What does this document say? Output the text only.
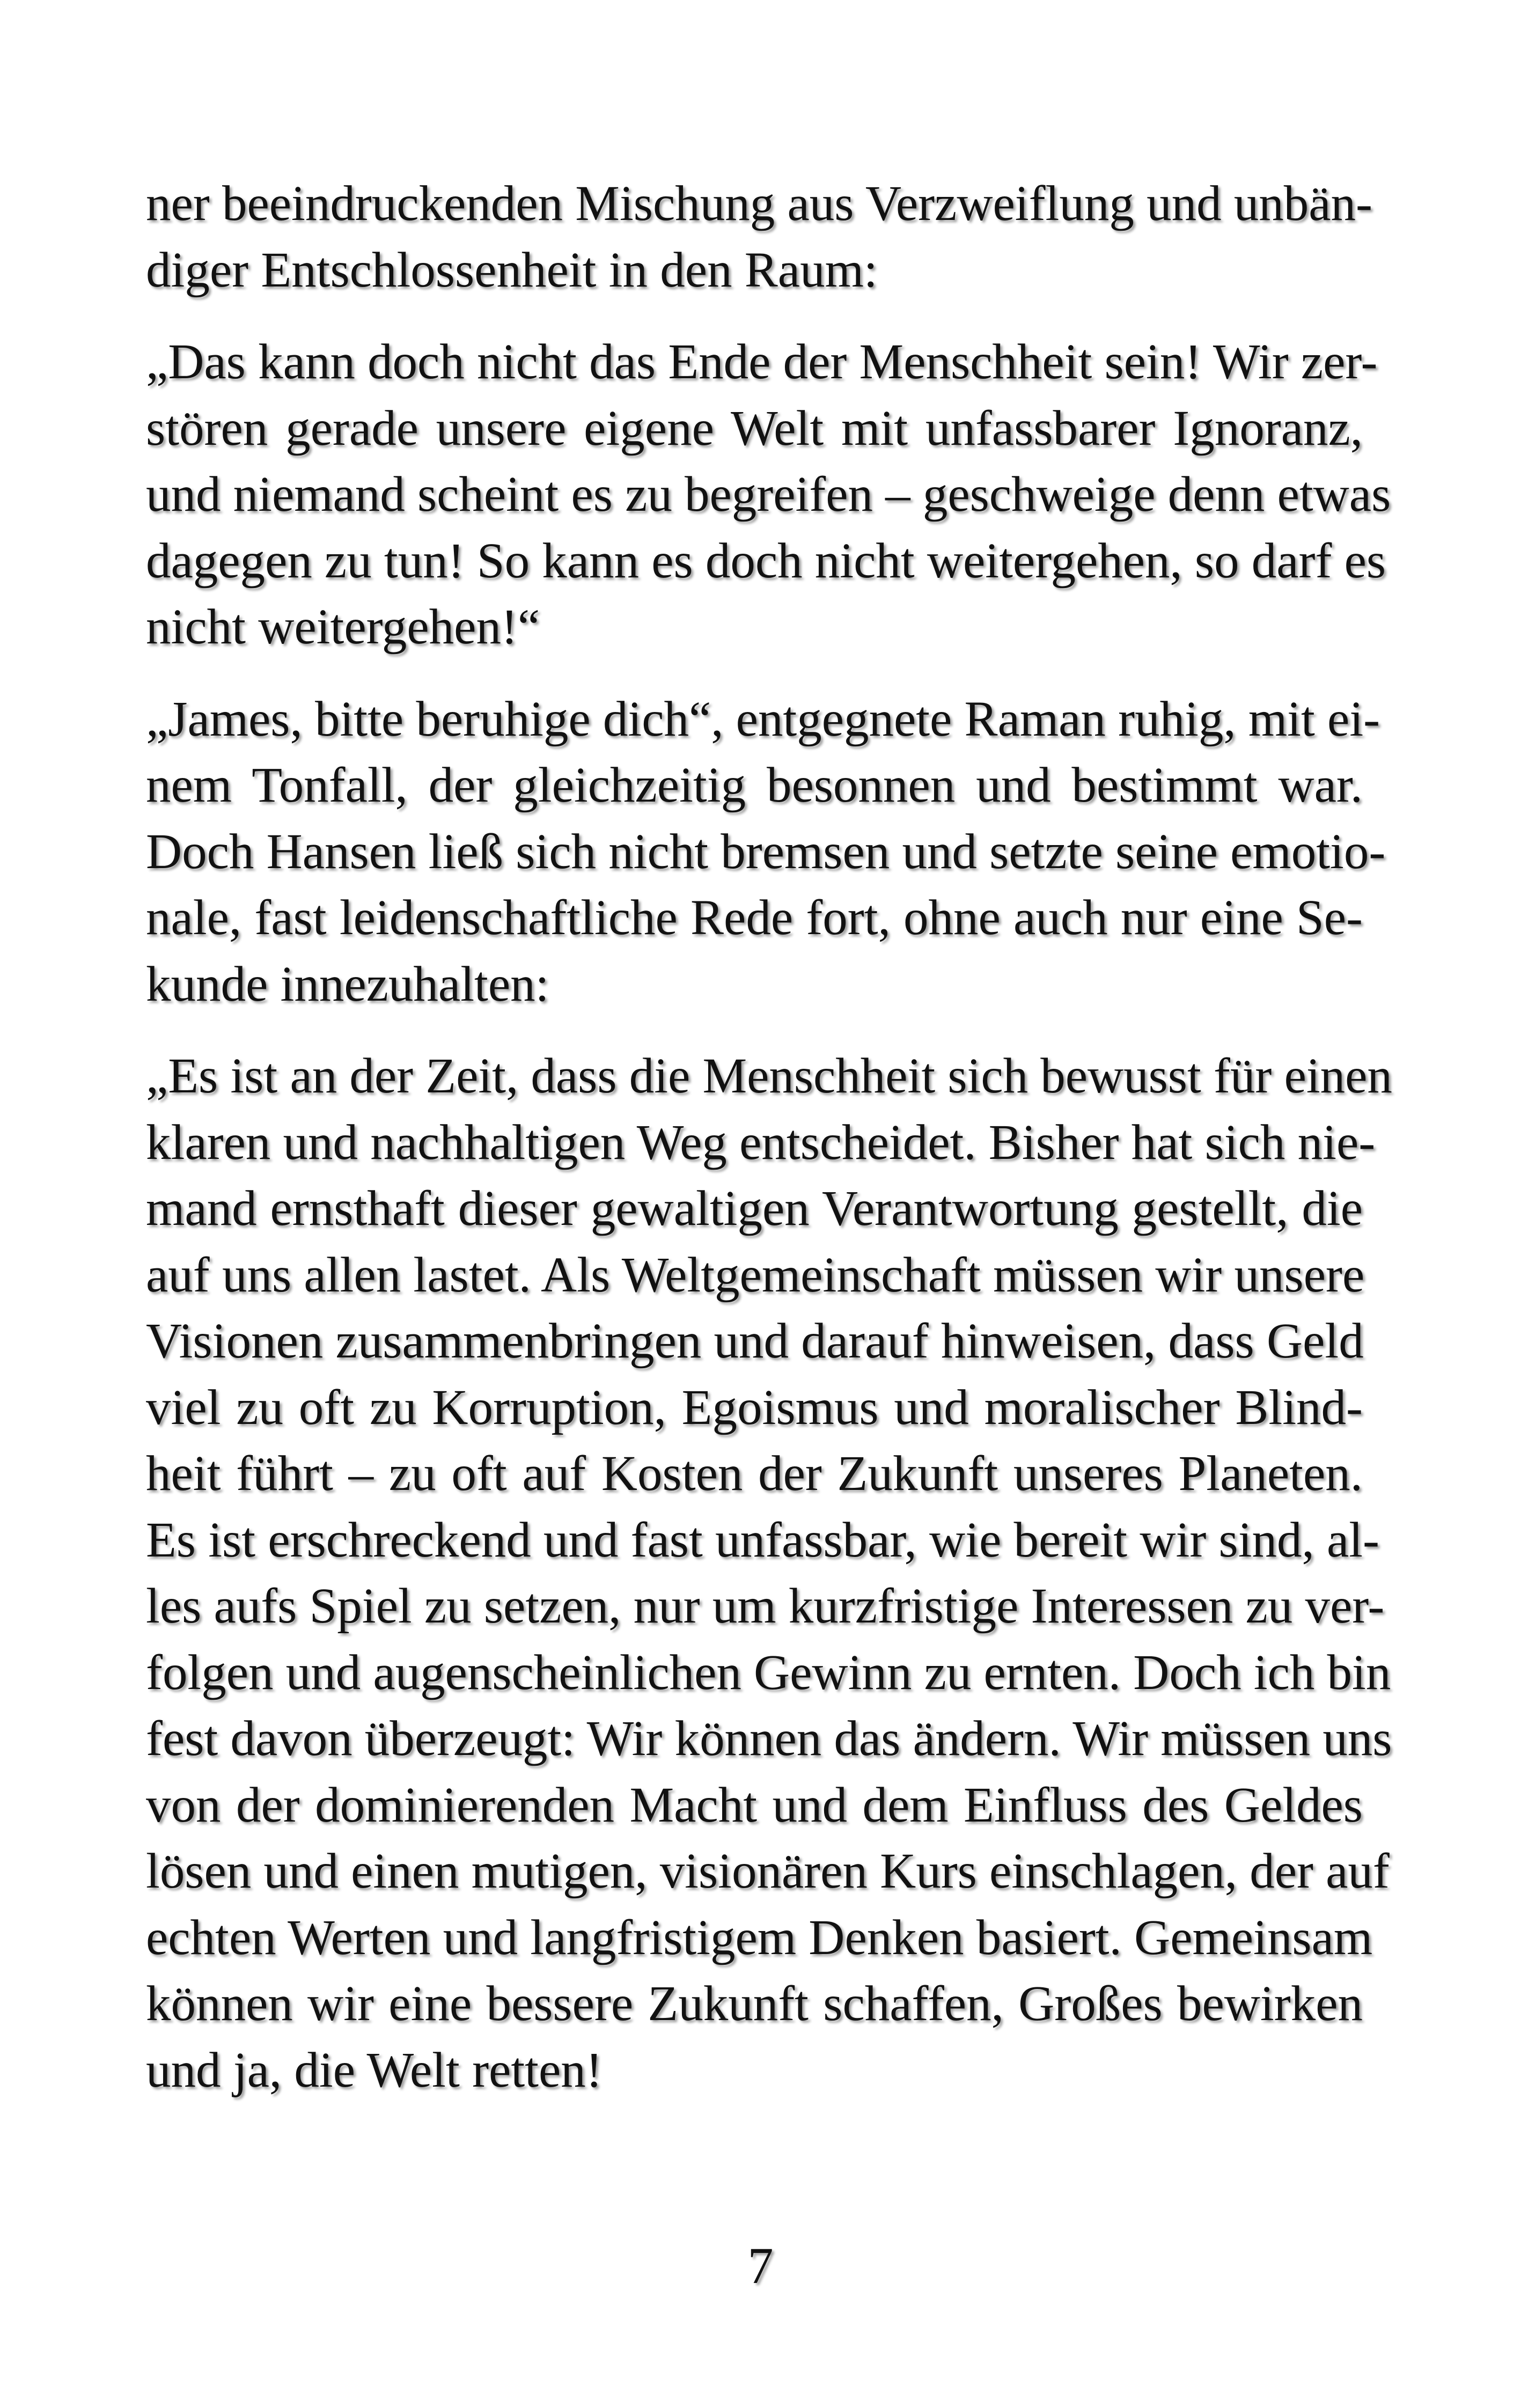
ner beeindruckenden Mischung aus Verzweiflung und unbän-
diger Entschlossenheit in den Raum:

„Das kann doch nicht das Ende der Menschheit sein! Wir zer-
stören gerade unsere eigene Welt mit unfassbarer Ignoranz,
und niemand scheint es zu begreifen – geschweige denn etwas
dagegen zu tun! So kann es doch nicht weitergehen, so darf es
nicht weitergehen!“

„James, bitte beruhige dich“, entgegnete Raman ruhig, mit ei-
nem Tonfall, der gleichzeitig besonnen und bestimmt war.
Doch Hansen ließ sich nicht bremsen und setzte seine emotio-
nale, fast leidenschaftliche Rede fort, ohne auch nur eine Se-
kunde innezuhalten:

„Es ist an der Zeit, dass die Menschheit sich bewusst für einen
klaren und nachhaltigen Weg entscheidet. Bisher hat sich nie-
mand ernsthaft dieser gewaltigen Verantwortung gestellt, die
auf uns allen lastet. Als Weltgemeinschaft müssen wir unsere
Visionen zusammenbringen und darauf hinweisen, dass Geld
viel zu oft zu Korruption, Egoismus und moralischer Blind-
heit führt – zu oft auf Kosten der Zukunft unseres Planeten.
Es ist erschreckend und fast unfassbar, wie bereit wir sind, al-
les aufs Spiel zu setzen, nur um kurzfristige Interessen zu ver-
folgen und augenscheinlichen Gewinn zu ernten. Doch ich bin
fest davon überzeugt: Wir können das ändern. Wir müssen uns
von der dominierenden Macht und dem Einfluss des Geldes
lösen und einen mutigen, visionären Kurs einschlagen, der auf
echten Werten und langfristigem Denken basiert. Gemeinsam
können wir eine bessere Zukunft schaffen, Großes bewirken
und ja, die Welt retten!

7
